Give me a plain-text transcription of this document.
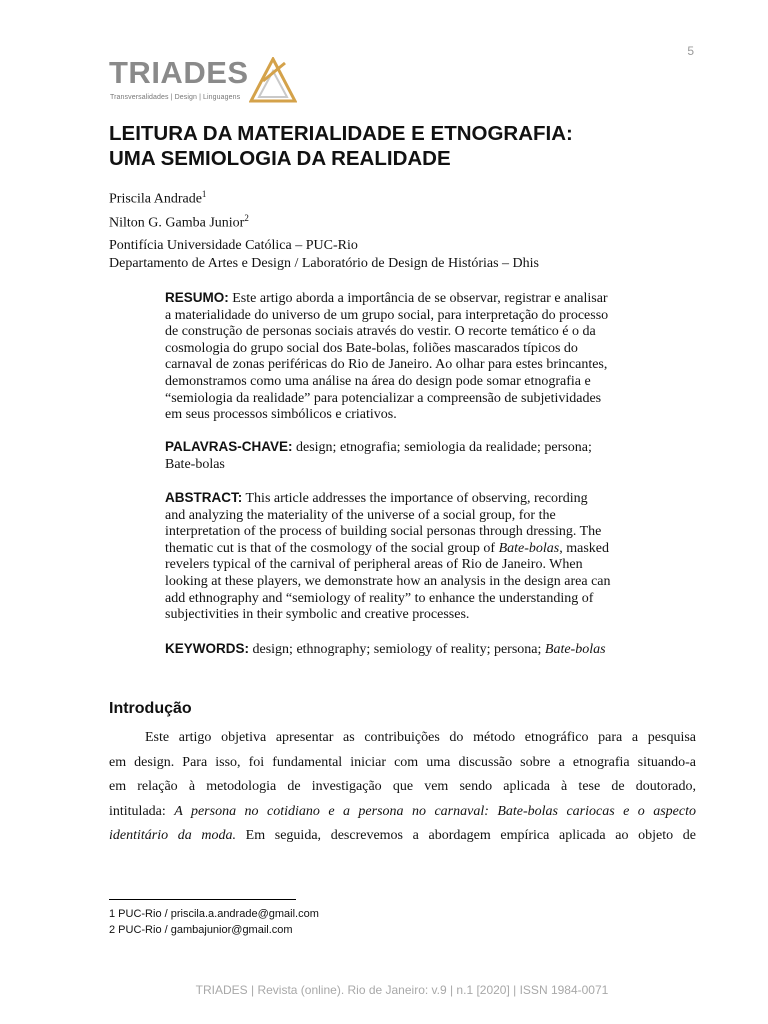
5
TRIADES
Transversalidades | Design | Linguagens
LEITURA DA MATERIALIDADE E ETNOGRAFIA:
UMA SEMIOLOGIA DA REALIDADE
Priscila Andrade$^1$
Nilton G. Gamba Junior$^2$
Pontifícia Universidade Católica – PUC-Rio
Departamento de Artes e Design / Laboratório de Design de Histórias – Dhis
RESUMO: Este artigo aborda a importância de se observar, registrar e analisar
a materialidade do universo de um grupo social, para interpretação do processo
de construção de personas sociais através do vestir. O recorte temático é o da
cosmologia do grupo social dos Bate-bolas, foliões mascarados típicos do
carnaval de zonas periféricas do Rio de Janeiro. Ao olhar para estes brincantes,
demonstramos como uma análise na área do design pode somar etnografia e
“semiologia da realidade” para potencializar a compreensão de subjetividades
em seus processos simbólicos e criativos.
PALAVRAS-CHAVE: design; etnografia; semiologia da realidade; persona;
Bate-bolas
ABSTRACT: This article addresses the importance of observing, recording
and analyzing the materiality of the universe of a social group, for the
interpretation of the process of building social personas through dressing. The
thematic cut is that of the cosmology of the social group of Bate-bolas, masked
revelers typical of the carnival of peripheral areas of Rio de Janeiro. When
looking at these players, we demonstrate how an analysis in the design area can
add ethnography and “semiology of reality” to enhance the understanding of
subjectivities in their symbolic and creative processes.
KEYWORDS: design; ethnography; semiology of reality; persona; Bate-bolas
Introdução
Este artigo objetiva apresentar as contribuições do método etnográfico para a pesquisa
em design. Para isso, foi fundamental iniciar com uma discussão sobre a etnografia situando-a
em relação à metodologia de investigação que vem sendo aplicada à tese de doutorado,
intitulada: A persona no cotidiano e a persona no carnaval: Bate-bolas cariocas e o aspecto
identitário da moda. Em seguida, descrevemos a abordagem empírica aplicada ao objeto de
1 PUC-Rio / priscila.a.andrade@gmail.com
2 PUC-Rio / gambajunior@gmail.com
TRIADES | Revista (online). Rio de Janeiro: v.9 | n.1 [2020] | ISSN 1984-0071
